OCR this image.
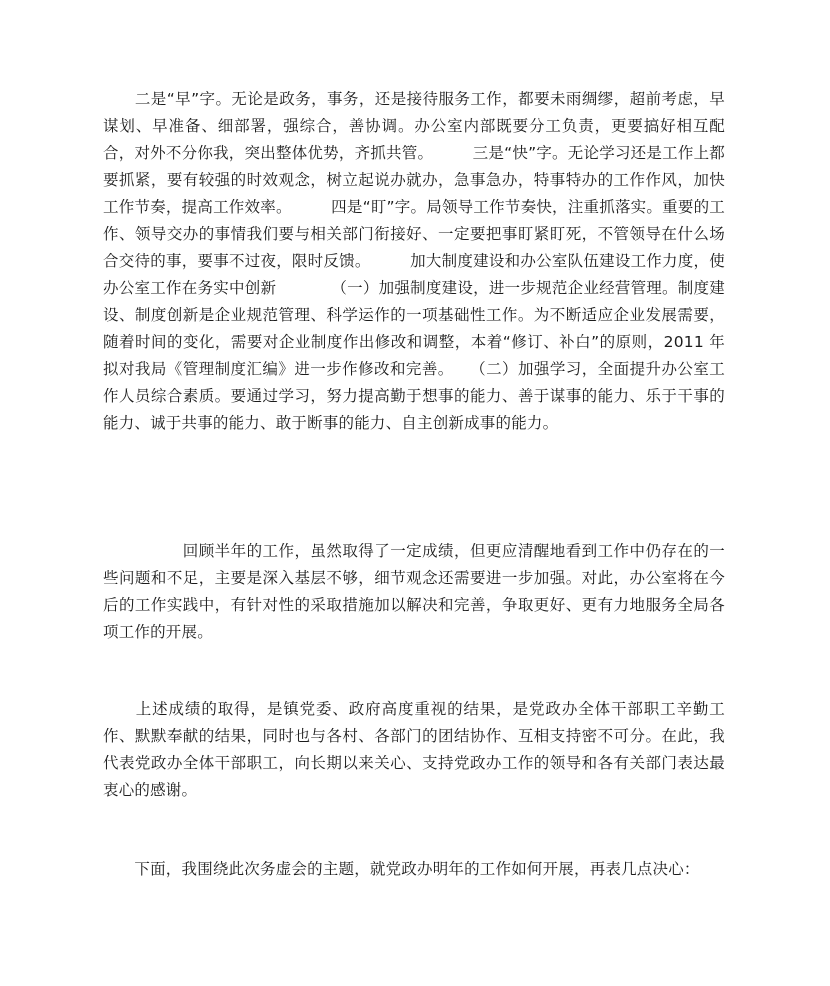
　　二是“早”字。无论是政务，事务，还是接待服务工作，都要未雨绸缪，超前考虑，早谋划、早准备、细部署，强综合，善协调。办公室内部既要分工负责，更要搞好相互配合，对外不分你我，突出整体优势，齐抓共管。　　　三是“快”字。无论学习还是工作上都要抓紧，要有较强的时效观念，树立起说办就办，急事急办，特事特办的工作作风，加快工作节奏，提高工作效率。　　　四是“盯”字。局领导工作节奏快，注重抓落实。重要的工作、领导交办的事情我们要与相关部门衔接好、一定要把事盯紧盯死，不管领导在什么场合交待的事，要事不过夜，限时反馈。　　　加大制度建设和办公室队伍建设工作力度，使办公室工作在务实中创新　　　　（一）加强制度建设，进一步规范企业经营管理。制度建设、制度创新是企业规范管理、科学运作的一项基础性工作。为不断适应企业发展需要，随着时间的变化，需要对企业制度作出修改和调整，本着“修订、补白”的原则，2011 年拟对我局《管理制度汇编》进一步作修改和完善。　　（二）加强学习，全面提升办公室工作人员综合素质。要通过学习，努力提高勤于想事的能力、善于谋事的能力、乐于干事的能力、诚于共事的能力、敢于断事的能力、自主创新成事的能力。

　　　　　回顾半年的工作，虽然取得了一定成绩，但更应清醒地看到工作中仍存在的一些问题和不足，主要是深入基层不够，细节观念还需要进一步加强。对此，办公室将在今后的工作实践中，有针对性的采取措施加以解决和完善，争取更好、更有力地服务全局各项工作的开展。

　　上述成绩的取得，是镇党委、政府高度重视的结果，是党政办全体干部职工辛勤工作、默默奉献的结果，同时也与各村、各部门的团结协作、互相支持密不可分。在此，我代表党政办全体干部职工，向长期以来关心、支持党政办工作的领导和各有关部门表达最衷心的感谢。

　　下面，我围绕此次务虚会的主题，就党政办明年的工作如何开展，再表几点决心：
